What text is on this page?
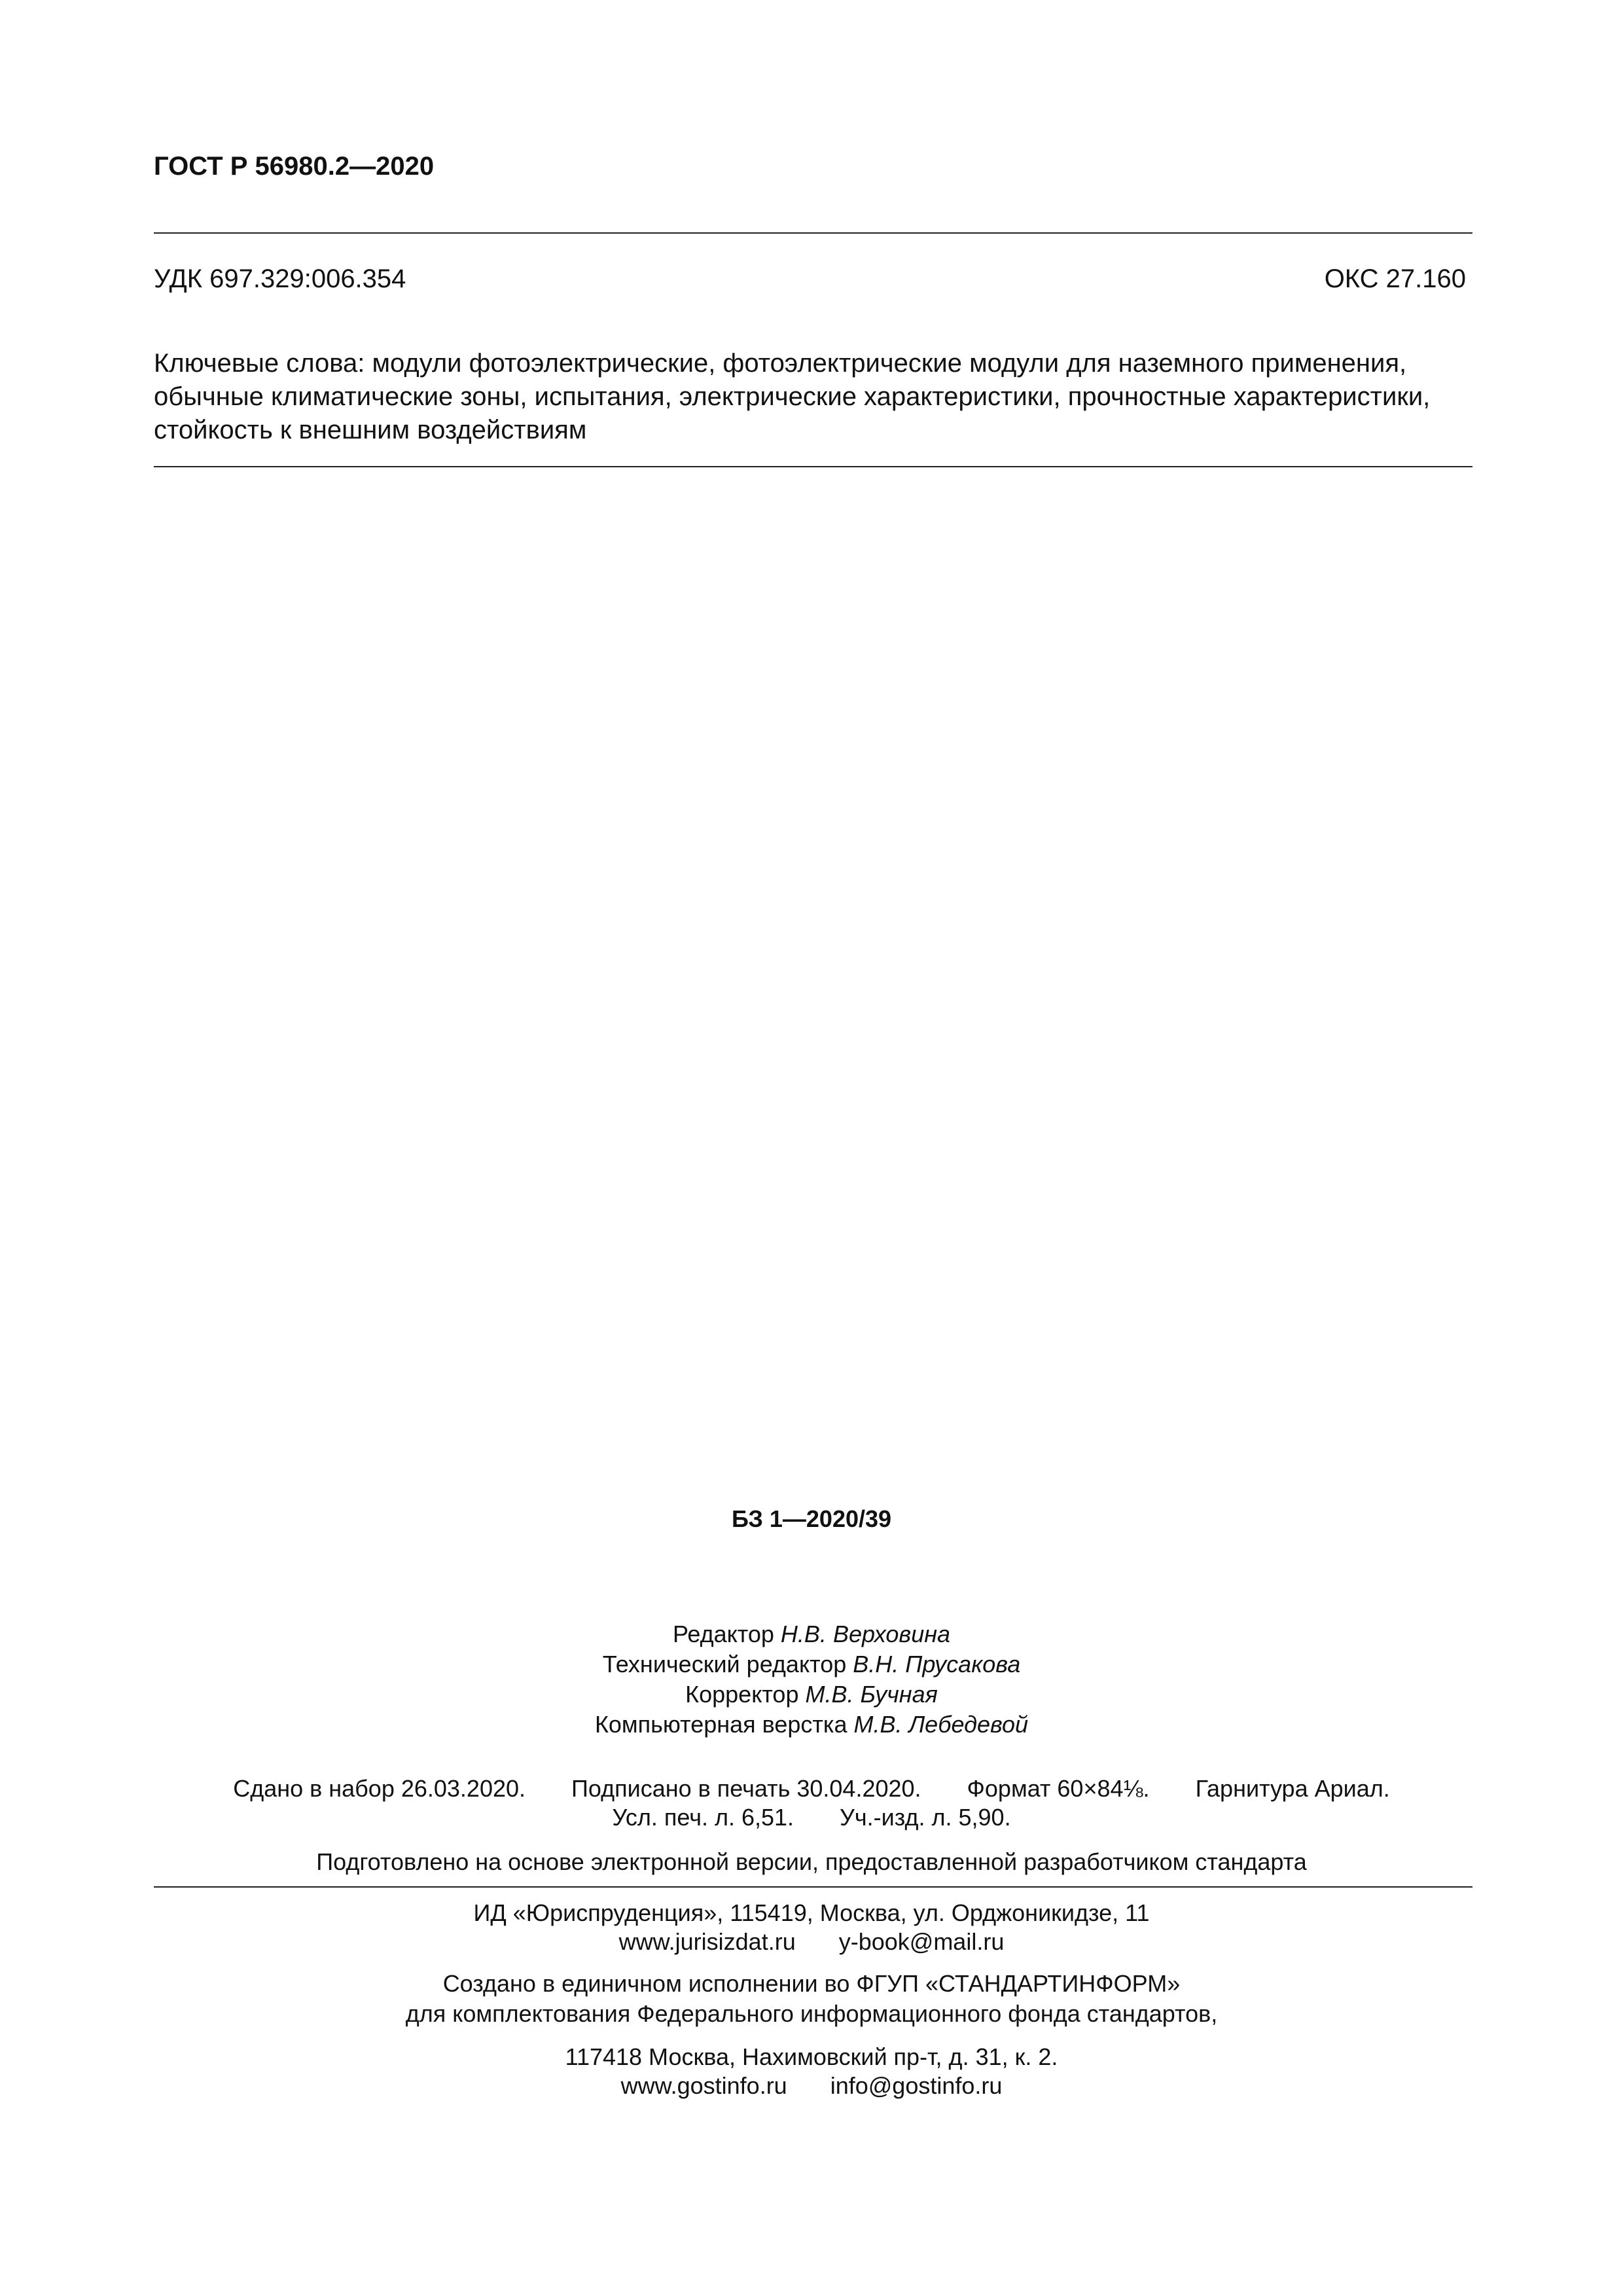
ГОСТ Р 56980.2—2020
УДК 697.329:006.354	ОКС 27.160
Ключевые слова: модули фотоэлектрические, фотоэлектрические модули для наземного применения, обычные климатические зоны, испытания, электрические характеристики, прочностные характеристики, стойкость к внешним воздействиям
БЗ 1—2020/39
Редактор Н.В. Верховина
Технический редактор В.Н. Прусакова
Корректор М.В. Бучная
Компьютерная верстка М.В. Лебедевой
Сдано в набор 26.03.2020. Подписано в печать 30.04.2020. Формат 60×84⅛. Гарнитура Ариал.
Усл. печ. л. 6,51. Уч.-изд. л. 5,90.
Подготовлено на основе электронной версии, предоставленной разработчиком стандарта
ИД «Юриспруденция», 115419, Москва, ул. Орджоникидзе, 11
www.jurisizdat.ru y-book@mail.ru
Создано в единичном исполнении во ФГУП «СТАНДАРТИНФОРМ»
для комплектования Федерального информационного фонда стандартов,
117418 Москва, Нахимовский пр-т, д. 31, к. 2.
www.gostinfo.ru info@gostinfo.ru
